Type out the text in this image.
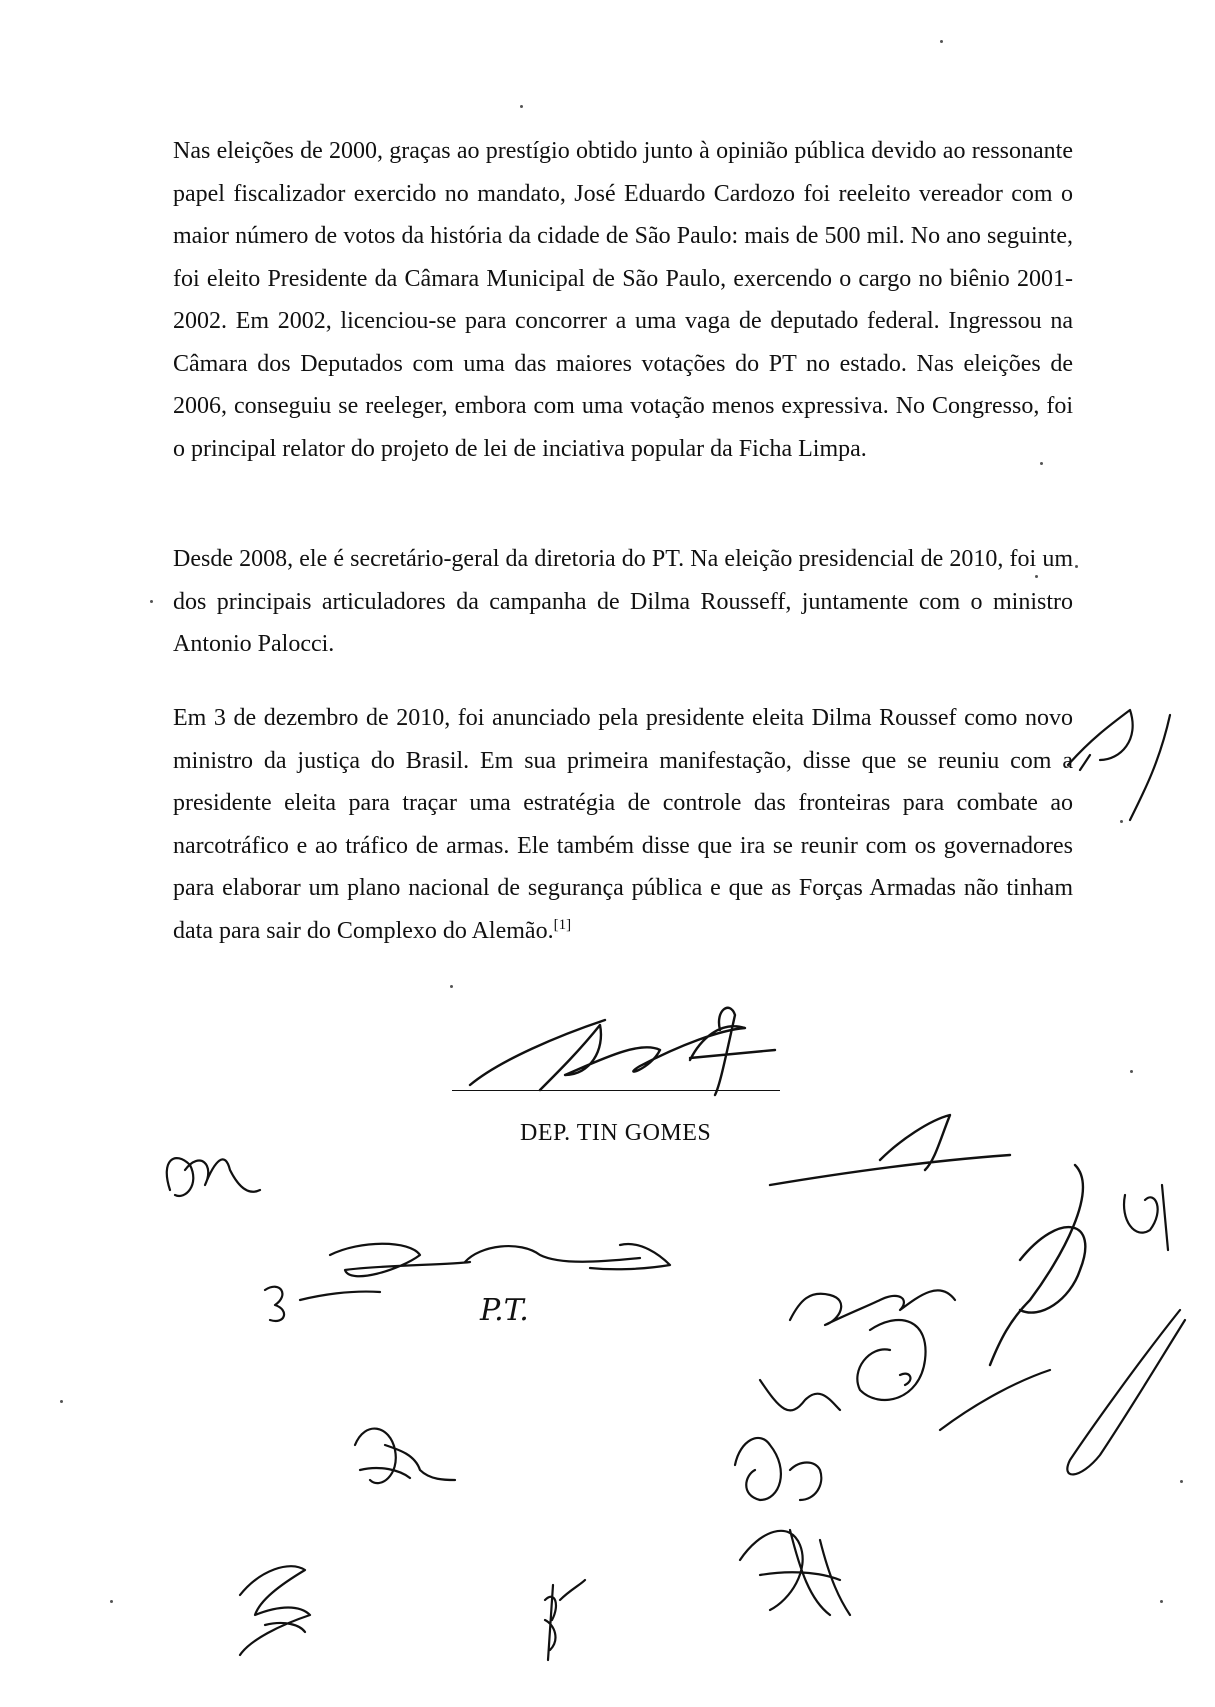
Nas eleições de 2000, graças ao prestígio obtido junto à opinião pública devido ao ressonante papel fiscalizador exercido no mandato, José Eduardo Cardozo foi reeleito vereador com o maior número de votos da história da cidade de São Paulo: mais de 500 mil. No ano seguinte, foi eleito Presidente da Câmara Municipal de São Paulo, exercendo o cargo no biênio 2001-2002. Em 2002, licenciou-se para concorrer a uma vaga de deputado federal. Ingressou na Câmara dos Deputados com uma das maiores votações do PT no estado. Nas eleições de 2006, conseguiu se reeleger, embora com uma votação menos expressiva. No Congresso, foi o principal relator do projeto de lei de inciativa popular da Ficha Limpa.

Desde 2008, ele é secretário-geral da diretoria do PT. Na eleição presidencial de 2010, foi um dos principais articuladores da campanha de Dilma Rousseff, juntamente com o ministro Antonio Palocci.

Em 3 de dezembro de 2010, foi anunciado pela presidente eleita Dilma Roussef como novo ministro da justiça do Brasil. Em sua primeira manifestação, disse que se reuniu com a presidente eleita para traçar uma estratégia de controle das fronteiras para combate ao narcotráfico e ao tráfico de armas. Ele também disse que ira se reunir com os governadores para elaborar um plano nacional de segurança pública e que as Forças Armadas não tinham data para sair do Complexo do Alemão.[1]

DEP. TIN GOMES
P.T.
